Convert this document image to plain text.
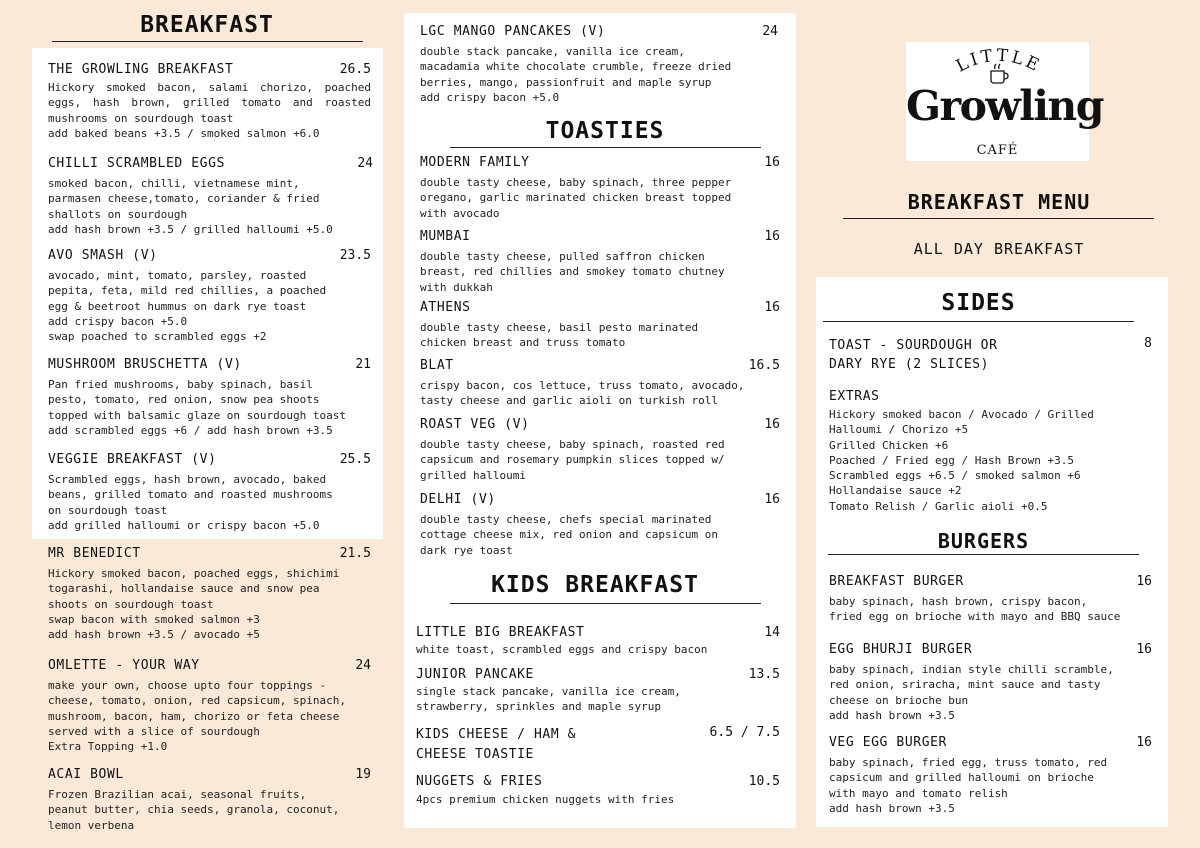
BREAKFAST
THE GROWLING BREAKFAST	26.5
Hickory smoked bacon, salami chorizo, poached eggs, hash brown, grilled tomato and roasted mushrooms on sourdough toast
add baked beans +3.5 / smoked salmon +6.0
CHILLI SCRAMBLED EGGS	24
smoked bacon, chilli, vietnamese mint,
parmasen cheese,tomato, coriander & fried
shallots on sourdough
add hash brown +3.5 / grilled halloumi +5.0
AVO SMASH (V)	23.5
avocado, mint, tomato, parsley, roasted
pepita, feta, mild red chillies, a poached
egg & beetroot hummus on dark rye toast
add crispy bacon +5.0
swap poached to scrambled eggs +2
MUSHROOM BRUSCHETTA (V)	21
Pan fried mushrooms, baby spinach, basil
pesto, tomato, red onion, snow pea shoots
topped with balsamic glaze on sourdough toast
add scrambled eggs +6 / add hash brown +3.5
VEGGIE BREAKFAST (V)	25.5
Scrambled eggs, hash brown, avocado, baked
beans, grilled tomato and roasted mushrooms
on sourdough toast
add grilled halloumi or crispy bacon +5.0
MR BENEDICT	21.5
Hickory smoked bacon, poached eggs, shichimi
togarashi, hollandaise sauce and snow pea
shoots on sourdough toast
swap bacon with smoked salmon +3
add hash brown +3.5 / avocado +5
OMLETTE - YOUR WAY	24
make your own, choose upto four toppings -
cheese, tomato, onion, red capsicum, spinach,
mushroom, bacon, ham, chorizo or feta cheese
served with a slice of sourdough
Extra Topping +1.0
ACAI BOWL	19
Frozen Brazilian acai, seasonal fruits,
peanut butter, chia seeds, granola, coconut,
lemon verbena
LGC MANGO PANCAKES (V)	24
double stack pancake, vanilla ice cream,
macadamia white chocolate crumble, freeze dried
berries, mango, passionfruit and maple syrup
add crispy bacon +5.0
TOASTIES
MODERN FAMILY	16
double tasty cheese, baby spinach, three pepper
oregano, garlic marinated chicken breast topped
with avocado
MUMBAI	16
double tasty cheese, pulled saffron chicken
breast, red chillies and smokey tomato chutney
with dukkah
ATHENS	16
double tasty cheese, basil pesto marinated
chicken breast and truss tomato
BLAT	16.5
crispy bacon, cos lettuce, truss tomato, avocado,
tasty cheese and garlic aioli on turkish roll
ROAST VEG (V)	16
double tasty cheese, baby spinach, roasted red
capsicum and rosemary pumpkin slices topped w/
grilled halloumi
DELHI (V)	16
double tasty cheese, chefs special marinated
cottage cheese mix, red onion and capsicum on
dark rye toast
KIDS BREAKFAST
LITTLE BIG BREAKFAST	14
white toast, scrambled eggs and crispy bacon
JUNIOR PANCAKE	13.5
single stack pancake, vanilla ice cream,
strawberry, sprinkles and maple syrup
KIDS CHEESE / HAM &
CHEESE TOASTIE
6.5 / 7.5
NUGGETS & FRIES	10.5
4pcs premium chicken nuggets with fries
LITTLE
Growling
CAFÉ
BREAKFAST MENU
ALL DAY BREAKFAST
SIDES
TOAST - SOURDOUGH OR
DARY RYE (2 SLICES)
8
EXTRAS
Hickory smoked bacon / Avocado / Grilled
Halloumi / Chorizo +5
Grilled Chicken +6
Poached / Fried egg / Hash Brown +3.5
Scrambled eggs +6.5 / smoked salmon +6
Hollandaise sauce +2
Tomato Relish / Garlic aioli +0.5
BURGERS
BREAKFAST BURGER	16
baby spinach, hash brown, crispy bacon,
fried egg on brioche with mayo and BBQ sauce
EGG BHURJI BURGER	16
baby spinach, indian style chilli scramble,
red onion, sriracha, mint sauce and tasty
cheese on brioche bun
add hash brown +3.5
VEG EGG BURGER	16
baby spinach, fried egg, truss tomato, red
capsicum and grilled halloumi on brioche
with mayo and tomato relish
add hash brown +3.5
